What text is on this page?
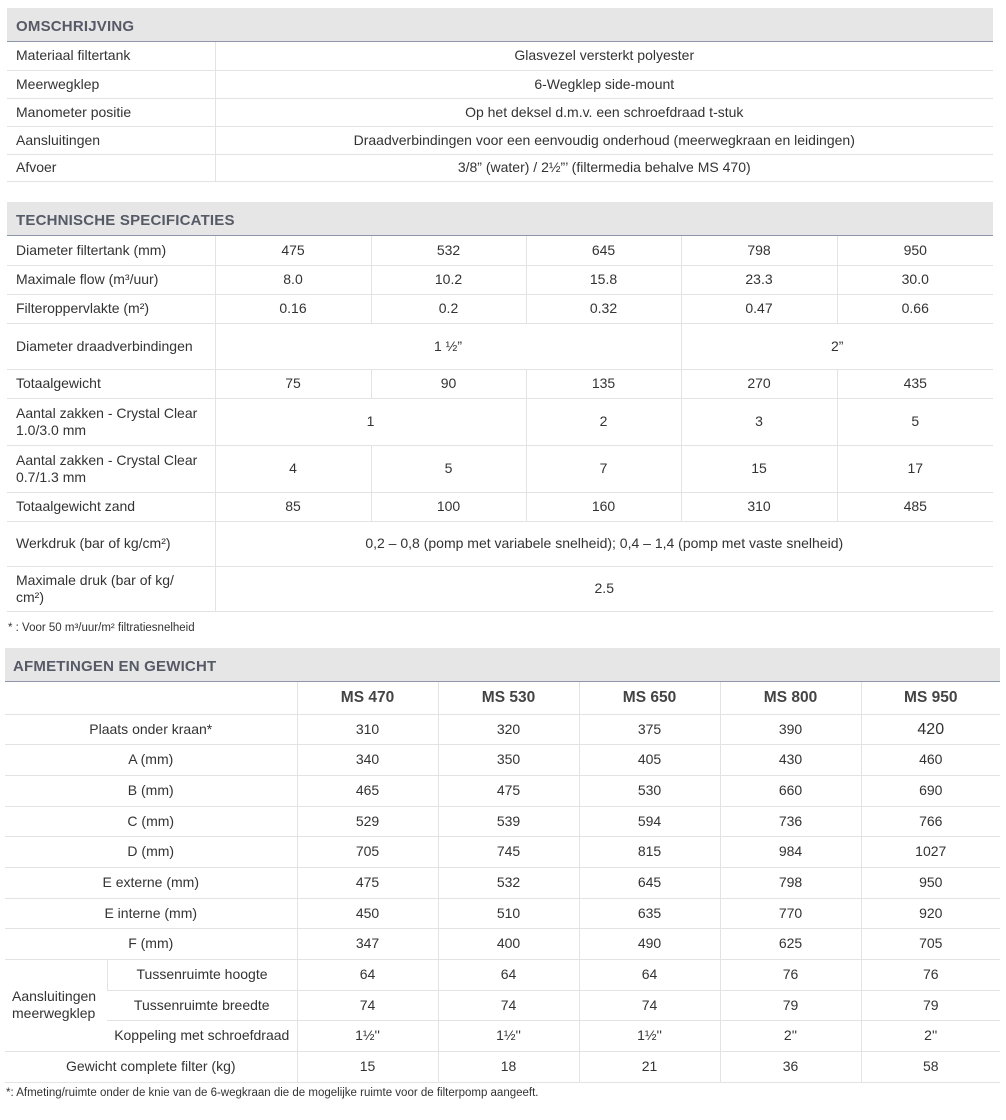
OMSCHRIJVING
Materiaal filtertank	Glasvezel versterkt polyester
Meerwegklep	6-Wegklep side-mount
Manometer positie	Op het deksel d.m.v. een schroefdraad t-stuk
Aansluitingen	Draadverbindingen voor een eenvoudig onderhoud (meerwegkraan en leidingen)
Afvoer	3/8” (water) / 2½”’ (filtermedia behalve MS 470)
TECHNISCHE SPECIFICATIES
Diameter filtertank (mm)	475	532	645	798	950
Maximale flow (m³/uur)	8.0	10.2	15.8	23.3	30.0
Filteroppervlakte (m²)	0.16	0.2	0.32	0.47	0.66
Diameter draadverbindingen	1 ½”			2”	
Totaalgewicht	75	90	135	270	435
Aantal zakken - Crystal Clear 1.0/3.0 mm	1		2	3	5
Aantal zakken - Crystal Clear 0.7/1.3 mm	4	5	7	15	17
Totaalgewicht zand	85	100	160	310	485
Werkdruk (bar of kg/cm²)	0,2 – 0,8 (pomp met variabele snelheid); 0,4 – 1,4 (pomp met vaste snelheid)				
Maximale druk (bar of kg/ cm²)	2.5				
* : Voor 50 m³/uur/m² filtratiesnelheid
AFMETINGEN EN GEWICHT
		MS 470	MS 530	MS 650	MS 800	MS 950
Plaats onder kraan*		310	320	375	390	420
A (mm)		340	350	405	430	460
B (mm)		465	475	530	660	690
C (mm)		529	539	594	736	766
D (mm)		705	745	815	984	1027
E externe (mm)		475	532	645	798	950
E interne (mm)		450	510	635	770	920
F (mm)		347	400	490	625	705
Aansluitingen meerwegklep	Tussenruimte hoogte	64	64	64	76	76
	Tussenruimte breedte	74	74	74	79	79
	Koppeling met schroefdraad	1½''	1½''	1½''	2''	2''
Gewicht complete filter (kg)		15	18	21	36	58
*: Afmeting/ruimte onder de knie van de 6-wegkraan die de mogelijke ruimte voor de filterpomp aangeeft.
